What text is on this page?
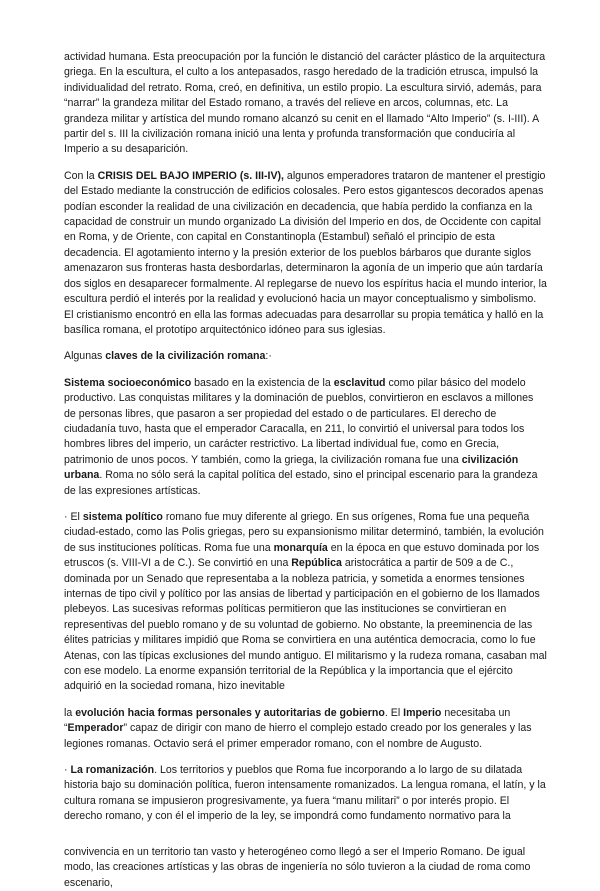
actividad humana. Esta preocupación por la función le distanció del carácter plástico de la arquitectura griega. En la escultura, el culto a los antepasados, rasgo heredado de la tradición etrusca, impulsó la individualidad del retrato. Roma, creó, en definitiva, un estilo propio. La escultura sirvió, además, para “narrar” la grandeza militar del Estado romano, a través del relieve en arcos, columnas, etc. La grandeza militar y artística del mundo romano alcanzó su cenit en el llamado “Alto Imperio” (s. I-III). A partir del s. III la civilización romana inició una lenta y profunda transformación que conduciría al Imperio a su desaparición.

Con la CRISIS DEL BAJO IMPERIO (s. III-IV), algunos emperadores trataron de mantener el prestigio del Estado mediante la construcción de edificios colosales. Pero estos gigantescos decorados apenas podían esconder la realidad de una civilización en decadencia, que había perdido la confianza en la capacidad de construir un mundo organizado La división del Imperio en dos, de Occidente con capital en Roma, y de Oriente, con capital en Constantinopla (Estambul) señaló el principio de esta decadencia. El agotamiento interno y la presión exterior de los pueblos bárbaros que durante siglos amenazaron sus fronteras hasta desbordarlas, determinaron la agonía de un imperio que aún tardaría dos siglos en desaparecer formalmente. Al replegarse de nuevo los espíritus hacia el mundo interior, la escultura perdió el interés por la realidad y evolucionó hacia un mayor conceptualismo y simbolismo. El cristianismo encontró en ella las formas adecuadas para desarrollar su propia temática y halló en la basílica romana, el prototipo arquitectónico idóneo para sus iglesias.

Algunas claves de la civilización romana:·

Sistema socioeconómico basado en la existencia de la esclavitud como pilar básico del modelo productivo. Las conquistas militares y la dominación de pueblos, convirtieron en esclavos a millones de personas libres, que pasaron a ser propiedad del estado o de particulares. El derecho de ciudadanía tuvo, hasta que el emperador Caracalla, en 211, lo convirtió el universal para todos los hombres libres del imperio, un carácter restrictivo. La libertad individual fue, como en Grecia, patrimonio de unos pocos. Y también, como la griega, la civilización romana fue una civilización urbana. Roma no sólo será la capital política del estado, sino el principal escenario para la grandeza de las expresiones artísticas.

· El sistema político romano fue muy diferente al griego. En sus orígenes, Roma fue una pequeña ciudad-estado, como las Polis griegas, pero su expansionismo militar determinó, también, la evolución de sus instituciones políticas. Roma fue una monarquía en la época en que estuvo dominada por los etruscos (s. VIII-VI a de C.). Se convirtió en una República aristocrática a partir de 509 a de C., dominada por un Senado que representaba a la nobleza patricia, y sometida a enormes tensiones internas de tipo civil y político por las ansias de libertad y participación en el gobierno de los llamados plebeyos. Las sucesivas reformas políticas permitieron que las instituciones se convirtieran en representivas del pueblo romano y de su voluntad de gobierno. No obstante, la preeminencia de las élites patricias y militares impidió que Roma se convirtiera en una auténtica democracia, como lo fue Atenas, con las típicas exclusiones del mundo antiguo. El militarismo y la rudeza romana, casaban mal con ese modelo. La enorme expansión territorial de la República y la importancia que el ejército adquirió en la sociedad romana, hizo inevitable

la evolución hacia formas personales y autoritarias de gobierno. El Imperio necesitaba un “Emperador” capaz de dirigir con mano de hierro el complejo estado creado por los generales y las legiones romanas. Octavio será el primer emperador romano, con el nombre de Augusto.

· La romanización. Los territorios y pueblos que Roma fue incorporando a lo largo de su dilatada historia bajo su dominación política, fueron intensamente romanizados. La lengua romana, el latín, y la cultura romana se impusieron progresivamente, ya fuera “manu militari” o por interés propio. El derecho romano, y con él el imperio de la ley, se impondrá como fundamento normativo para la

convivencia en un territorio tan vasto y heterogéneo como llegó a ser el Imperio Romano. De igual modo, las creaciones artísticas y las obras de ingeniería no sólo tuvieron a la ciudad de roma como escenario,
